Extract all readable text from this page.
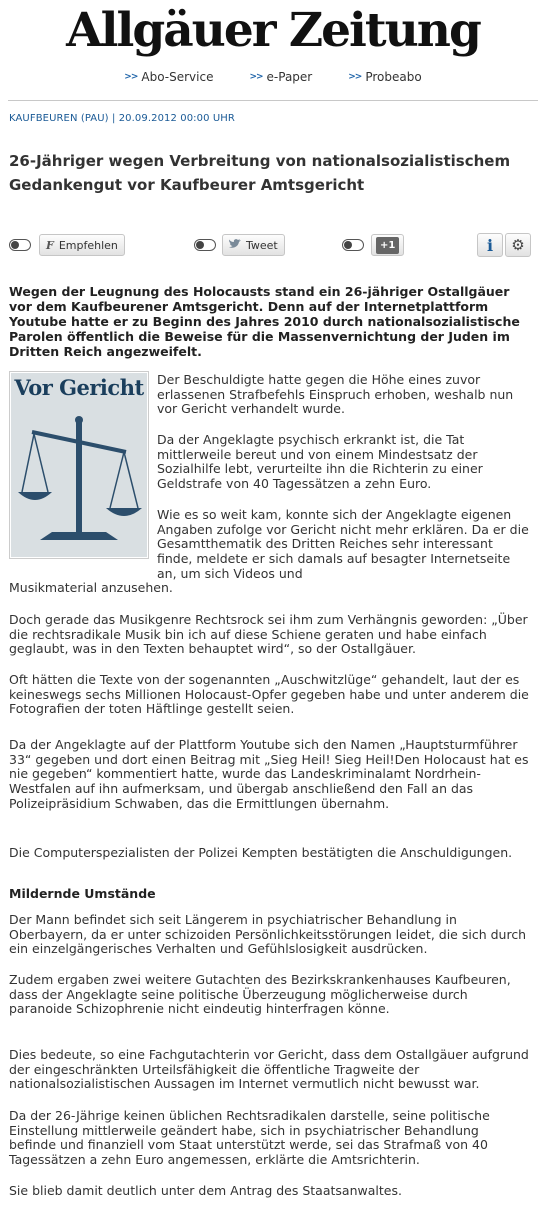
Allgäuer Zeitung
>> Abo-Service	>> e-Paper	>> Probeabo
KAUFBEUREN (PAU) | 20.09.2012 00:00 UHR
26-Jähriger wegen Verbreitung von nationalsozialistischem Gedankengut vor Kaufbeurer Amtsgericht
F Empfehlen	Tweet	+1	i ⚙

Wegen der Leugnung des Holocausts stand ein 26-jähriger Ostallgäuer vor dem Kaufbeurener Amtsgericht. Denn auf der Internetplattform Youtube hatte er zu Beginn des Jahres 2010 durch nationalsozialistische Parolen öffentlich die Beweise für die Massenvernichtung der Juden im Dritten Reich angezweifelt.

Vor Gericht	Der Beschuldigte hatte gegen die Höhe eines zuvor erlassenen Strafbefehls Einspruch erhoben, weshalb nun vor Gericht verhandelt wurde.

Da der Angeklagte psychisch erkrankt ist, die Tat mittlerweile bereut und von einem Mindestsatz der Sozialhilfe lebt, verurteilte ihn die Richterin zu einer Geldstrafe von 40 Tagessätzen a zehn Euro.

Wie es so weit kam, konnte sich der Angeklagte eigenen Angaben zufolge vor Gericht nicht mehr erklären. Da er die Gesamtthematik des Dritten Reiches sehr interessant finde, meldete er sich damals auf besagter Internetseite an, um sich Videos und

Musikmaterial anzusehen.

Doch gerade das Musikgenre Rechtsrock sei ihm zum Verhängnis geworden: „Über die rechtsradikale Musik bin ich auf diese Schiene geraten und habe einfach geglaubt, was in den Texten behauptet wird“, so der Ostallgäuer.

Oft hätten die Texte von der sogenannten „Auschwitzlüge“ gehandelt, laut der es keineswegs sechs Millionen Holocaust-Opfer gegeben habe und unter anderem die Fotografien der toten Häftlinge gestellt seien.

Da der Angeklagte auf der Plattform Youtube sich den Namen „Hauptsturmführer 33“ gegeben und dort einen Beitrag mit „Sieg Heil! Sieg Heil!Den Holocaust hat es nie gegeben“ kommentiert hatte, wurde das Landeskriminalamt Nordrhein-Westfalen auf ihn aufmerksam, und übergab anschließend den Fall an das Polizeipräsidium Schwaben, das die Ermittlungen übernahm.

Die Computerspezialisten der Polizei Kempten bestätigten die Anschuldigungen.

Mildernde Umstände

Der Mann befindet sich seit Längerem in psychiatrischer Behandlung in Oberbayern, da er unter schizoiden Persönlichkeitsstörungen leidet, die sich durch ein einzelgängerisches Verhalten und Gefühlslosigkeit ausdrücken.

Zudem ergaben zwei weitere Gutachten des Bezirkskrankenhauses Kaufbeuren, dass der Angeklagte seine politische Überzeugung möglicherweise durch paranoide Schizophrenie nicht eindeutig hinterfragen könne.

Dies bedeute, so eine Fachgutachterin vor Gericht, dass dem Ostallgäuer aufgrund der eingeschränkten Urteilsfähigkeit die öffentliche Tragweite der nationalsozialistischen Aussagen im Internet vermutlich nicht bewusst war.

Da der 26-Jährige keinen üblichen Rechtsradikalen darstelle, seine politische Einstellung mittlerweile geändert habe, sich in psychiatrischer Behandlung befinde und finanziell vom Staat unterstützt werde, sei das Strafmaß von 40 Tagessätzen a zehn Euro angemessen, erklärte die Amtsrichterin.

Sie blieb damit deutlich unter dem Antrag des Staatsanwaltes.
